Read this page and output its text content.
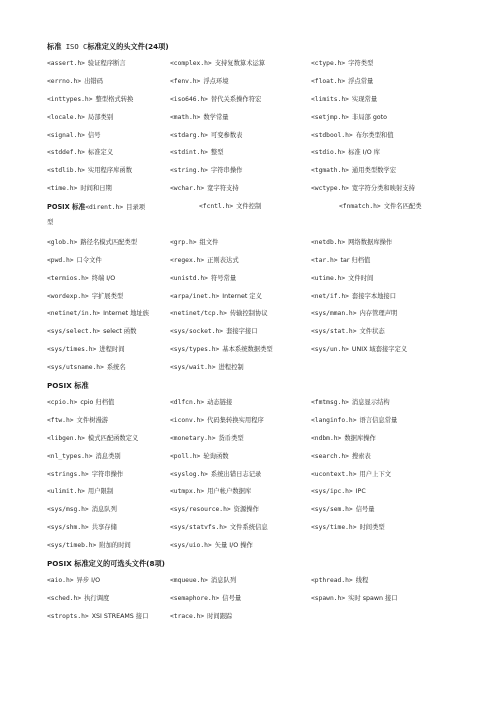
标准 ISO C标准定义的头文件(24项)
<assert.h> 验证程序断言	<complex.h> 支持复数算术运算	<ctype.h> 字符类型
<errno.h> 出错码	<fenv.h> 浮点环境	<float.h> 浮点常量
<inttypes.h> 整型格式转换	<iso646.h> 替代关系操作符宏	<limits.h> 实现常量
<locale.h> 局部类别	<math.h> 数学常量	<setjmp.h> 非局部 goto
<signal.h> 信号	<stdarg.h> 可变参数表	<stdbool.h> 布尔类型和值
<stddef.h> 标准定义	<stdint.h> 整型	<stdio.h> 标准 I/O 库
<stdlib.h> 实用程序库函数	<string.h> 字符串操作	<tgmath.h> 通用类型数学宏
<time.h> 时间和日期	<wchar.h> 宽字符支持	<wctype.h> 宽字符分类和映射支持
POSIX 标准<dirent.h> 目录项	<fcntl.h> 文件控制	<fnmatch.h> 文件名匹配类
型
<glob.h> 路径名模式匹配类型	<grp.h> 组文件	<netdb.h> 网络数据库操作
<pwd.h> 口令文件	<regex.h> 正则表达式	<tar.h> tar 归档值
<termios.h> 终端 I/O	<unistd.h> 符号常量	<utime.h> 文件时间
<wordexp.h> 字扩展类型	<arpa/inet.h> Internet 定义	<net/if.h> 套接字本地接口
<netinet/in.h> Internet 地址族	<netinet/tcp.h> 传输控制协议	<sys/mman.h> 内存管理声明
<sys/select.h> select 函数	<sys/socket.h> 套接字接口	<sys/stat.h> 文件状态
<sys/times.h> 进程时间	<sys/types.h> 基本系统数据类型	<sys/un.h> UNIX 域套接字定义
<sys/utsname.h> 系统名	<sys/wait.h> 进程控制
POSIX 标准
<cpio.h> cpio 归档值	<dlfcn.h> 动态链接	<fmtmsg.h> 消息显示结构
<ftw.h> 文件树漫游	<iconv.h> 代码集转换实用程序	<langinfo.h> 语言信息常量
<libgen.h> 模式匹配函数定义	<monetary.h> 货币类型	<ndbm.h> 数据库操作
<nl_types.h> 消息类别	<poll.h> 轮询函数	<search.h> 搜索表
<strings.h> 字符串操作	<syslog.h> 系统出错日志记录	<ucontext.h> 用户上下文
<ulimit.h> 用户限制	<utmpx.h> 用户帐户数据库	<sys/ipc.h> IPC
<sys/msg.h> 消息队列	<sys/resource.h> 资源操作	<sys/sem.h> 信号量
<sys/shm.h> 共享存储	<sys/statvfs.h> 文件系统信息	<sys/time.h> 时间类型
<sys/timeb.h> 附加的时间	<sys/uio.h> 矢量 I/O 操作
POSIX 标准定义的可选头文件(8项)
<aio.h> 异步 I/O	<mqueue.h> 消息队列	<pthread.h> 线程
<sched.h> 执行调度	<semaphore.h> 信号量	<spawn.h> 实时 spawn 接口
<stropts.h> XSI STREAMS 接口	<trace.h> 时间跟踪
